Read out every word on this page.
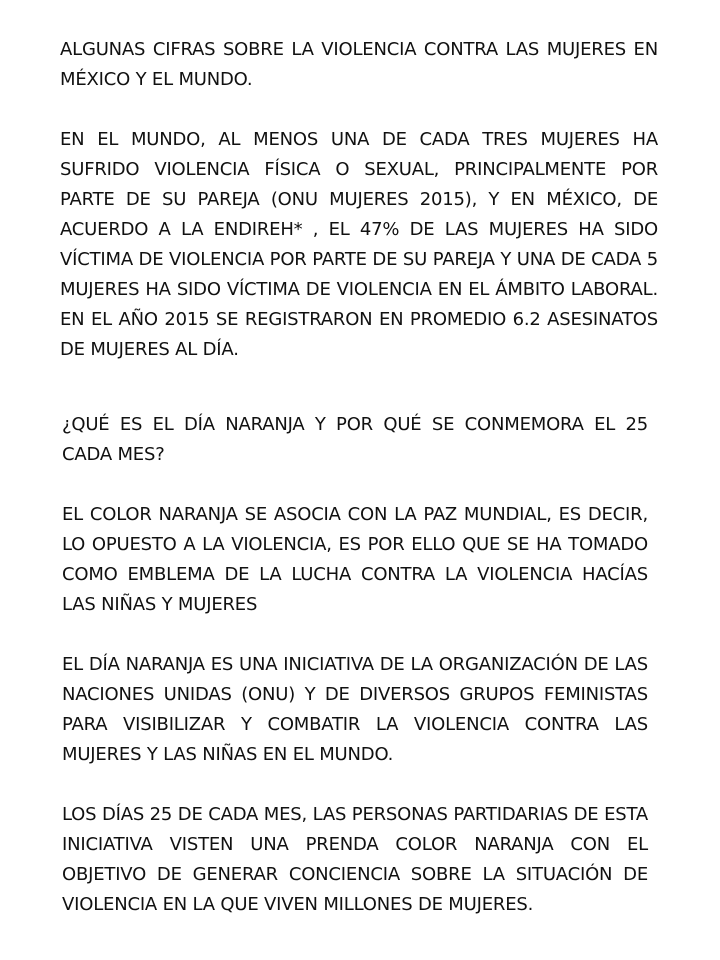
ALGUNAS CIFRAS SOBRE LA VIOLENCIA CONTRA LAS MUJERES EN MÉXICO Y EL MUNDO.

EN EL MUNDO, AL MENOS UNA DE CADA TRES MUJERES HA SUFRIDO VIOLENCIA FÍSICA O SEXUAL, PRINCIPALMENTE POR PARTE DE SU PAREJA (ONU MUJERES 2015), Y EN MÉXICO, DE ACUERDO A LA ENDIREH* , EL 47% DE LAS MUJERES HA SIDO VÍCTIMA DE VIOLENCIA POR PARTE DE SU PAREJA Y UNA DE CADA 5 MUJERES HA SIDO VÍCTIMA DE VIOLENCIA EN EL ÁMBITO LABORAL. EN EL AÑO 2015 SE REGISTRARON EN PROMEDIO 6.2 ASESINATOS DE MUJERES AL DÍA.

¿QUÉ ES EL DÍA NARANJA Y POR QUÉ SE CONMEMORA EL 25 CADA MES?

EL COLOR NARANJA SE ASOCIA CON LA PAZ MUNDIAL, ES DECIR, LO OPUESTO A LA VIOLENCIA, ES POR ELLO QUE SE HA TOMADO COMO EMBLEMA DE LA LUCHA CONTRA LA VIOLENCIA HACÍAS LAS NIÑAS Y MUJERES

EL DÍA NARANJA ES UNA INICIATIVA DE LA ORGANIZACIÓN DE LAS NACIONES UNIDAS (ONU) Y DE DIVERSOS GRUPOS FEMINISTAS PARA VISIBILIZAR Y COMBATIR LA VIOLENCIA CONTRA LAS MUJERES Y LAS NIÑAS EN EL MUNDO.

LOS DÍAS 25 DE CADA MES, LAS PERSONAS PARTIDARIAS DE ESTA INICIATIVA VISTEN UNA PRENDA COLOR NARANJA CON EL OBJETIVO DE GENERAR CONCIENCIA SOBRE LA SITUACIÓN DE VIOLENCIA EN LA QUE VIVEN MILLONES DE MUJERES.
